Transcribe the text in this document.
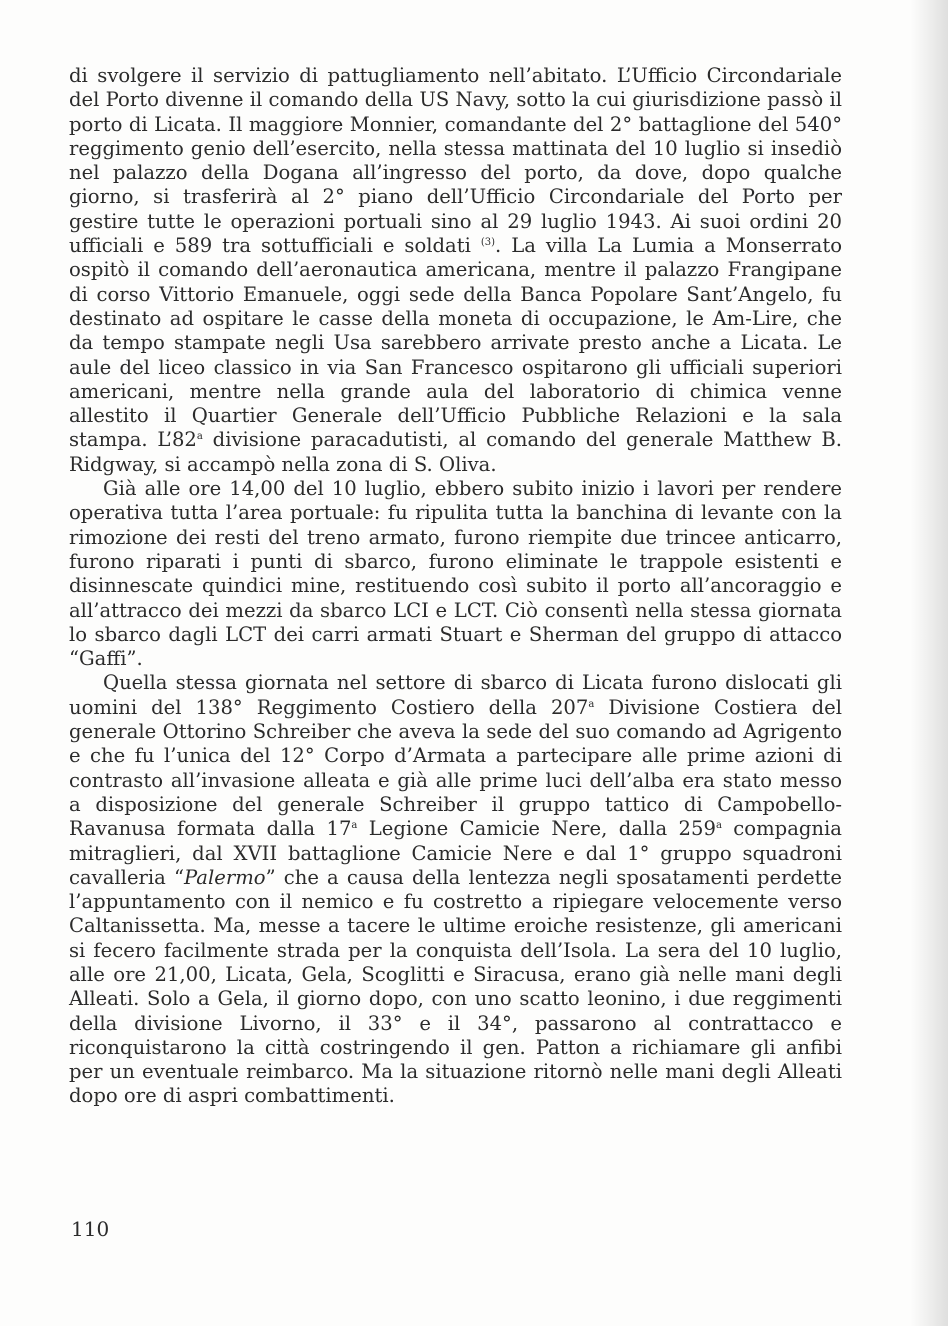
di svolgere il servizio di pattugliamento nell’abitato. L’Ufficio Circondariale del Porto divenne il comando della US Navy, sotto la cui giurisdizione passò il porto di Licata. Il maggiore Monnier, comandante del 2° battaglione del 540° reggimento genio dell’esercito, nella stessa mattinata del 10 luglio si insediò nel palazzo della Dogana all’ingresso del porto, da dove, dopo qualche giorno, si trasferirà al 2° piano dell’Ufficio Circondariale del Porto per gestire tutte le operazioni portuali sino al 29 luglio 1943. Ai suoi ordini 20 ufficiali e 589 tra sottufficiali e soldati $^{(3)}$. La villa La Lumia a Monserrato ospitò il comando dell’aeronautica americana, mentre il palazzo Frangipane di corso Vittorio Emanuele, oggi sede della Banca Popolare Sant’Angelo, fu destinato ad ospitare le casse della moneta di occupazione, le Am-Lire, che da tempo stampate negli Usa sarebbero arrivate presto anche a Licata. Le aule del liceo classico in via San Francesco ospitarono gli ufficiali superiori americani, mentre nella grande aula del laboratorio di chimica venne allestito il Quartier Generale dell’Ufficio Pubbliche Relazioni e la sala stampa. L’82$^a$ divisione paracadutisti, al comando del generale Matthew B. Ridgway, si accampò nella zona di S. Oliva.

Già alle ore 14,00 del 10 luglio, ebbero subito inizio i lavori per rendere operativa tutta l’area portuale: fu ripulita tutta la banchina di levante con la rimozione dei resti del treno armato, furono riempite due trincee anticarro, furono riparati i punti di sbarco, furono eliminate le trappole esistenti e disinnescate quindici mine, restituendo così subito il porto all’ancoraggio e all’attracco dei mezzi da sbarco LCI e LCT. Ciò consentì nella stessa giornata lo sbarco dagli LCT dei carri armati Stuart e Sherman del gruppo di attacco “Gaffi”.

Quella stessa giornata nel settore di sbarco di Licata furono dislocati gli uomini del 138° Reggimento Costiero della 207$^a$ Divisione Costiera del generale Ottorino Schreiber che aveva la sede del suo comando ad Agrigento e che fu l’unica del 12° Corpo d’Armata a partecipare alle prime azioni di contrasto all’invasione alleata e già alle prime luci dell’alba era stato messo a disposizione del generale Schreiber il gruppo tattico di Campobello-Ravanusa formata dalla 17$^a$ Legione Camicie Nere, dalla 259$^a$ compagnia mitraglieri, dal XVII battaglione Camicie Nere e dal 1° gruppo squadroni cavalleria “Palermo” che a causa della lentezza negli sposatamenti perdette l’appuntamento con il nemico e fu costretto a ripiegare velocemente verso Caltanissetta. Ma, messe a tacere le ultime eroiche resistenze, gli americani si fecero facilmente strada per la conquista dell’Isola. La sera del 10 luglio, alle ore 21,00, Licata, Gela, Scoglitti e Siracusa, erano già nelle mani degli Alleati. Solo a Gela, il giorno dopo, con uno scatto leonino, i due reggimenti della divisione Livorno, il 33° e il 34°, passarono al contrattacco e riconquistarono la città costringendo il gen. Patton a richiamare gli anfibi per un eventuale reimbarco. Ma la situazione ritornò nelle mani degli Alleati dopo ore di aspri combattimenti.

110
